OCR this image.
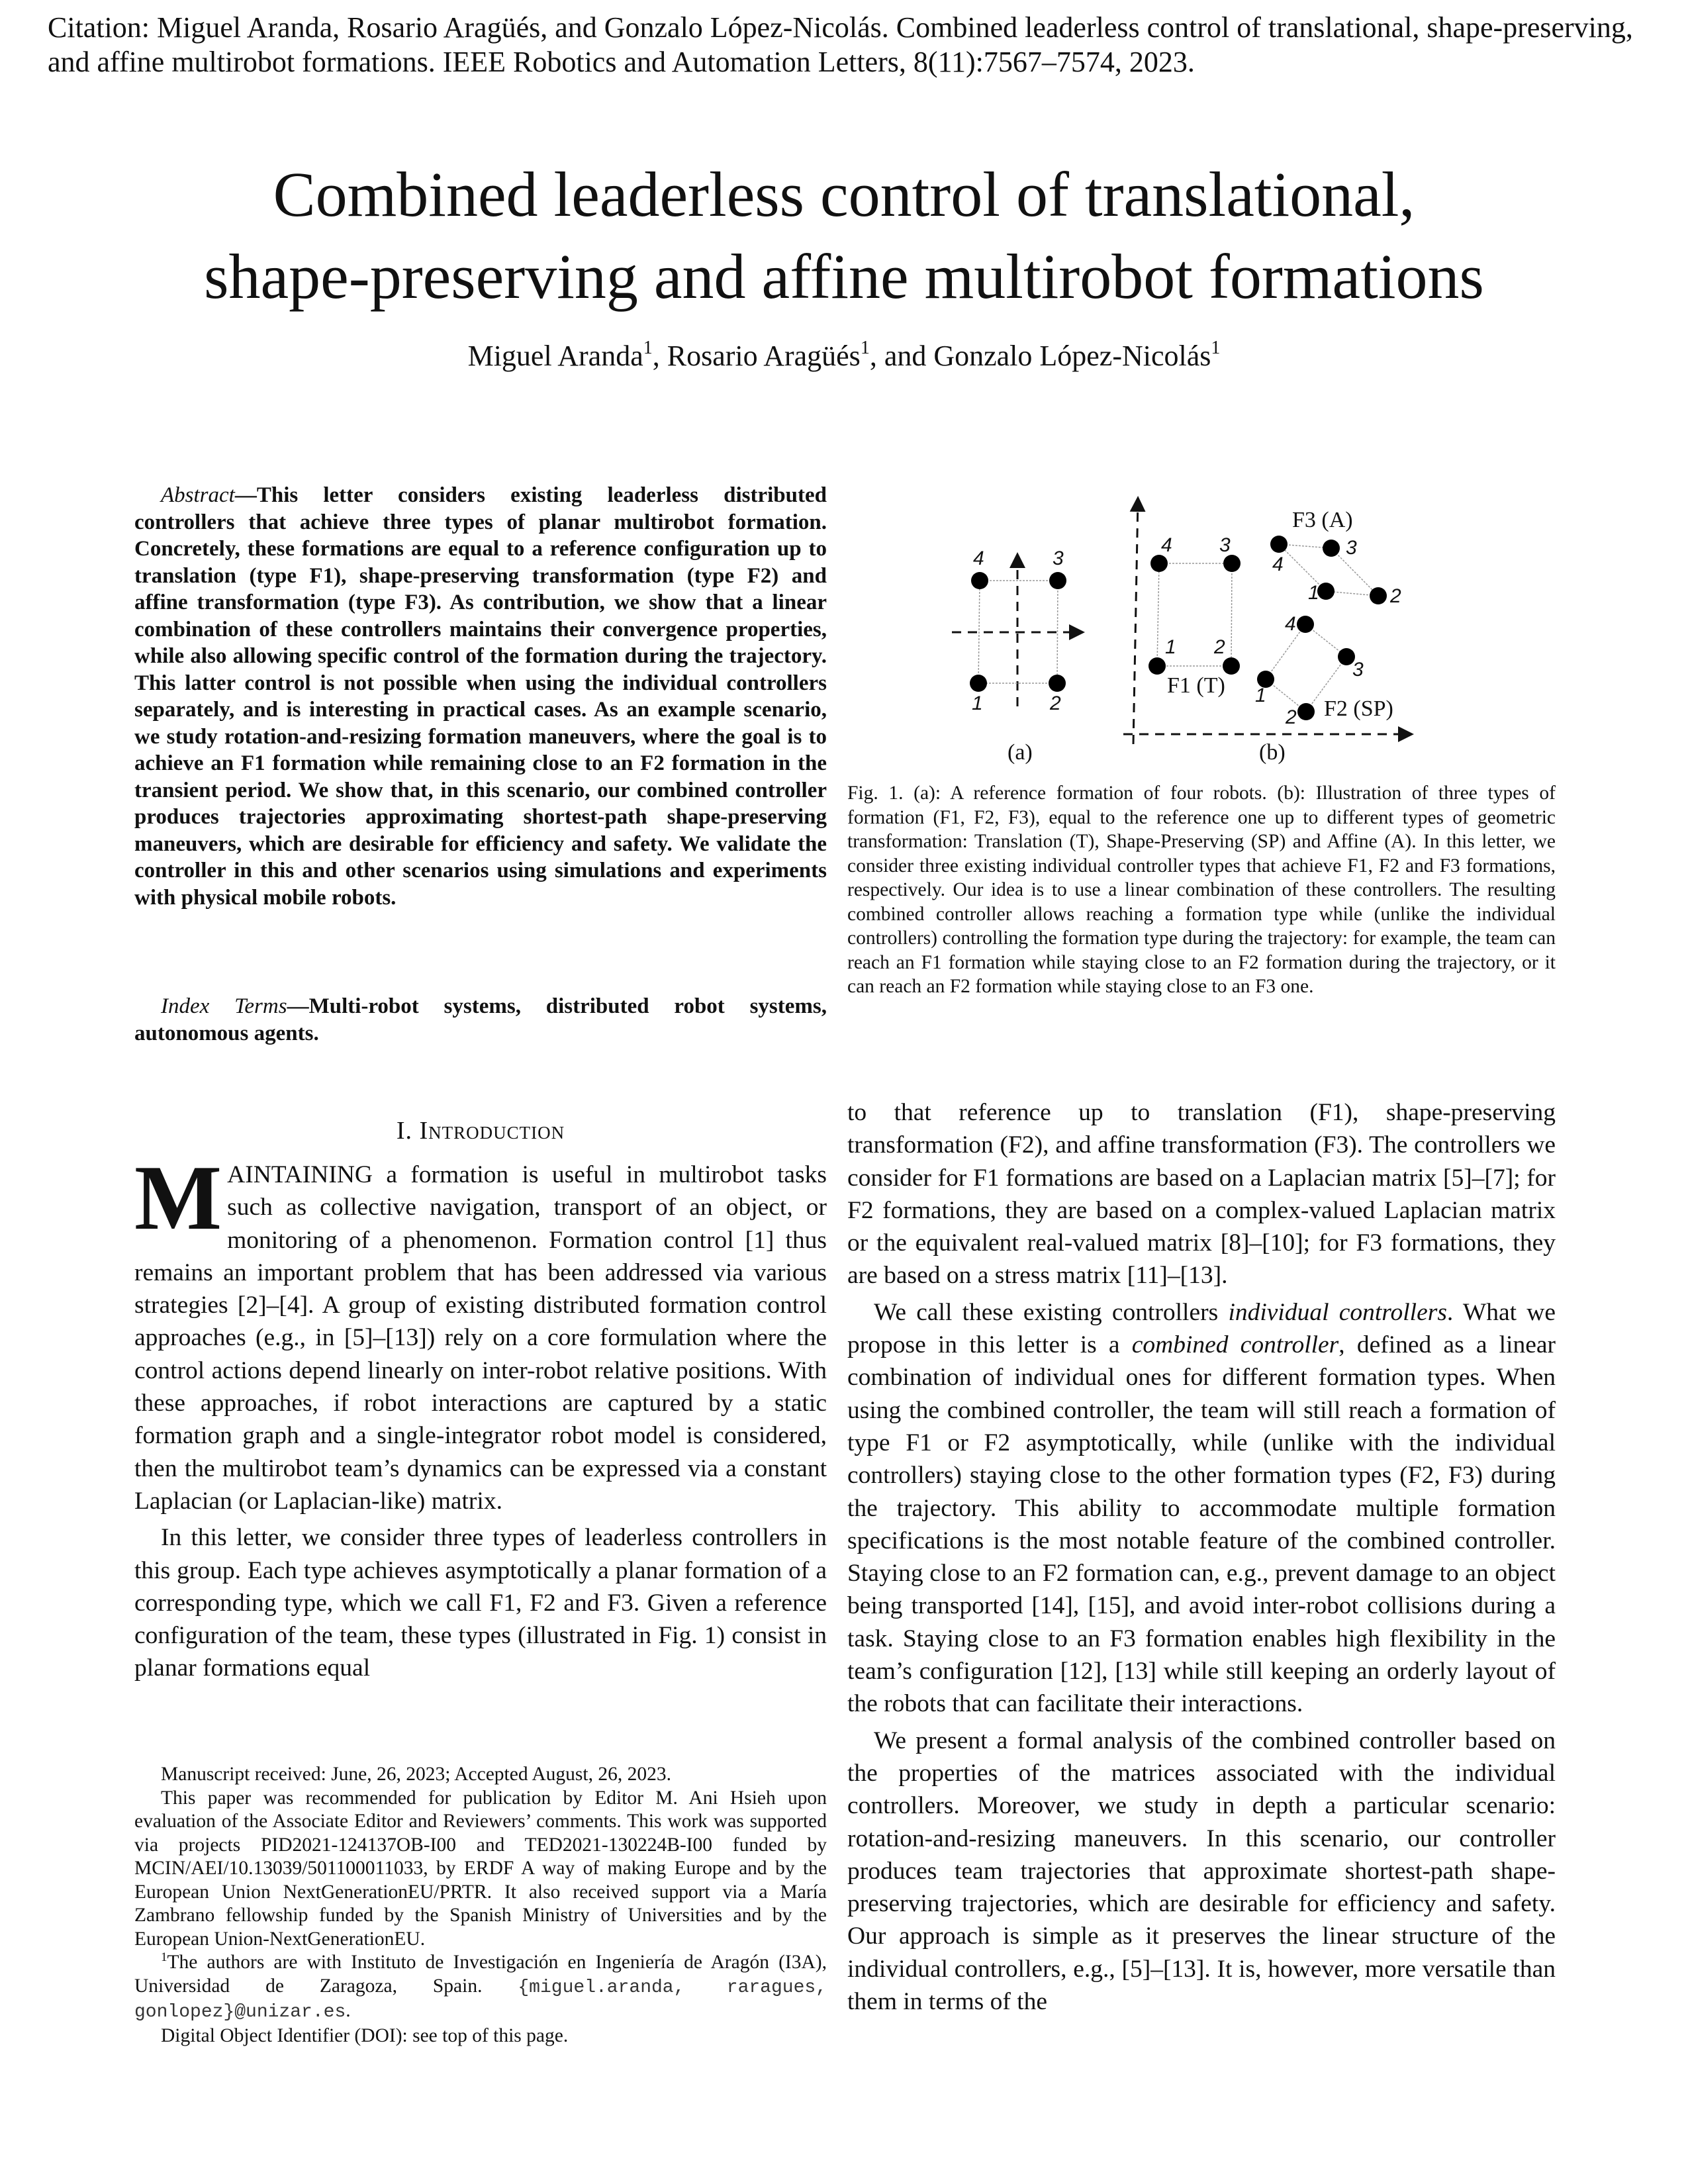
Citation: Miguel Aranda, Rosario Aragüés, and Gonzalo López-Nicolás. Combined leaderless control of translational, shape-preserving, and affine multirobot formations. IEEE Robotics and Automation Letters, 8(11):7567–7574, 2023.
Combined leaderless control of translational,
shape-preserving and affine multirobot formations
Miguel Aranda$^1$, Rosario Aragüés$^1$, and Gonzalo López-Nicolás$^1$
Abstract—This letter considers existing leaderless distributed controllers that achieve three types of planar multirobot formation. Concretely, these formations are equal to a reference configuration up to translation (type F1), shape-preserving transformation (type F2) and affine transformation (type F3). As contribution, we show that a linear combination of these controllers maintains their convergence properties, while also allowing specific control of the formation during the trajectory. This latter control is not possible when using the individual controllers separately, and is interesting in practical cases. As an example scenario, we study rotation-and-resizing formation maneuvers, where the goal is to achieve an F1 formation while remaining close to an F2 formation in the transient period. We show that, in this scenario, our combined controller produces trajectories approximating shortest-path shape-preserving maneuvers, which are desirable for efficiency and safety. We validate the controller in this and other scenarios using simulations and experiments with physical mobile robots.
Index Terms—Multi-robot systems, distributed robot systems, autonomous agents.
4	3
1	2
(a)
4 3
1 2
F1 (T)
4
3
1	2
F3 (A)
4
3
1
2 F2 (SP)
(b)
Fig. 1. (a): A reference formation of four robots. (b): Illustration of three types of formation (F1, F2, F3), equal to the reference one up to different types of geometric transformation: Translation (T), Shape-Preserving (SP) and Affine (A). In this letter, we consider three existing individual controller types that achieve F1, F2 and F3 formations, respectively. Our idea is to use a linear combination of these controllers. The resulting combined controller allows reaching a formation type while (unlike the individual controllers) controlling the formation type during the trajectory: for example, the team can reach an F1 formation while staying close to an F2 formation during the trajectory, or it can reach an F2 formation while staying close to an F3 one.
I. Introduction

MAINTAINING a formation is useful in multirobot tasks such as collective navigation, transport of an object, or monitoring of a phenomenon. Formation control [1] thus remains an important problem that has been addressed via various strategies [2]–[4]. A group of existing distributed formation control approaches (e.g., in [5]–[13]) rely on a core formulation where the control actions depend linearly on inter-robot relative positions. With these approaches, if robot interactions are captured by a static formation graph and a single-integrator robot model is considered, then the multirobot team’s dynamics can be expressed via a constant Laplacian (or Laplacian-like) matrix.

In this letter, we consider three types of leaderless controllers in this group. Each type achieves asymptotically a planar formation of a corresponding type, which we call F1, F2 and F3. Given a reference configuration of the team, these types (illustrated in Fig. 1) consist in planar formations equal

Manuscript received: June, 26, 2023; Accepted August, 26, 2023.

This paper was recommended for publication by Editor M. Ani Hsieh upon evaluation of the Associate Editor and Reviewers’ comments. This work was supported via projects PID2021-124137OB-I00 and TED2021-130224B-I00 funded by MCIN/AEI/10.13039/501100011033, by ERDF A way of making Europe and by the European Union NextGenerationEU/PRTR. It also received support via a María Zambrano fellowship funded by the Spanish Ministry of Universities and by the European Union-NextGenerationEU.

$^1$The authors are with Instituto de Investigación en Ingeniería de Aragón (I3A), Universidad de Zaragoza, Spain. {miguel.aranda, raragues, gonlopez}@unizar.es.

Digital Object Identifier (DOI): see top of this page.

to that reference up to translation (F1), shape-preserving transformation (F2), and affine transformation (F3). The controllers we consider for F1 formations are based on a Laplacian matrix [5]–[7]; for F2 formations, they are based on a complex-valued Laplacian matrix or the equivalent real-valued matrix [8]–[10]; for F3 formations, they are based on a stress matrix [11]–[13].

We call these existing controllers individual controllers. What we propose in this letter is a combined controller, defined as a linear combination of individual ones for different formation types. When using the combined controller, the team will still reach a formation of type F1 or F2 asymptotically, while (unlike with the individual controllers) staying close to the other formation types (F2, F3) during the trajectory. This ability to accommodate multiple formation specifications is the most notable feature of the combined controller. Staying close to an F2 formation can, e.g., prevent damage to an object being transported [14], [15], and avoid inter-robot collisions during a task. Staying close to an F3 formation enables high flexibility in the team’s configuration [12], [13] while still keeping an orderly layout of the robots that can facilitate their interactions.

We present a formal analysis of the combined controller based on the properties of the matrices associated with the individual controllers. Moreover, we study in depth a particular scenario: rotation-and-resizing maneuvers. In this scenario, our controller produces team trajectories that approximate shortest-path shape-preserving trajectories, which are desirable for efficiency and safety. Our approach is simple as it preserves the linear structure of the individual controllers, e.g., [5]–[13]. It is, however, more versatile than them in terms of the
